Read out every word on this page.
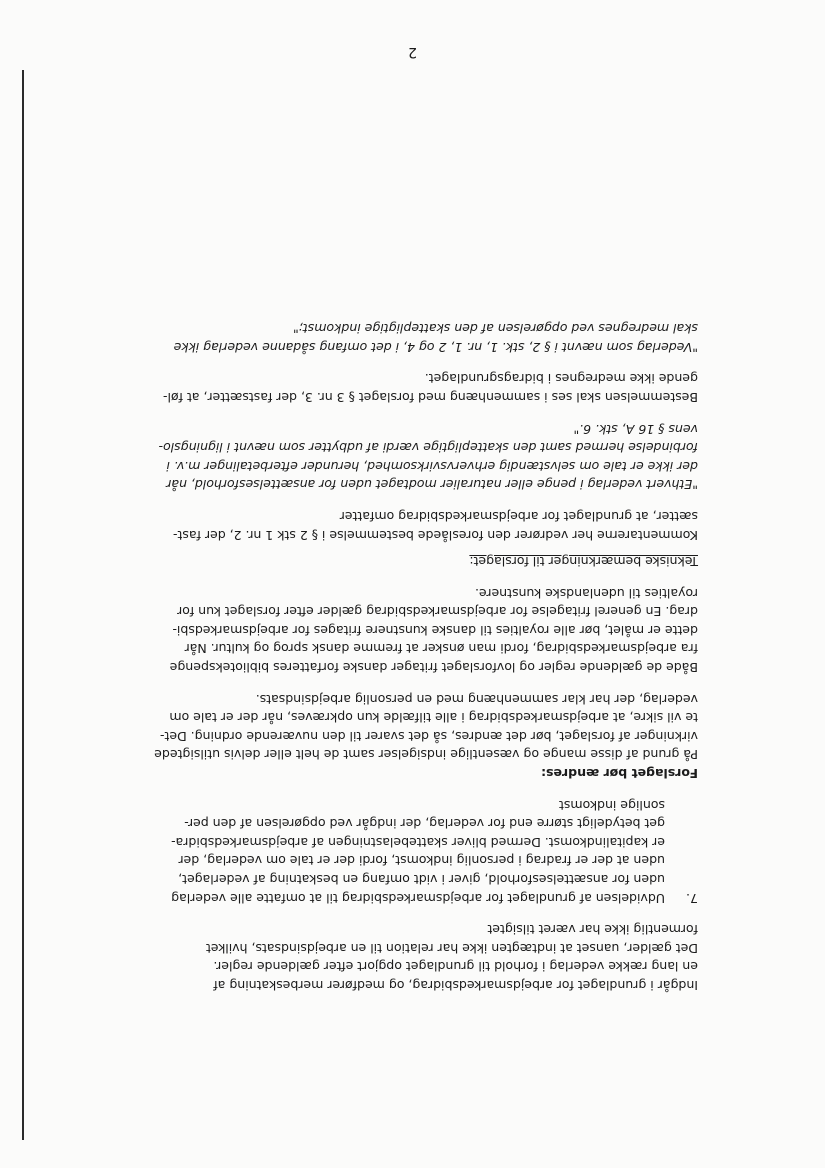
Indgår i grundlaget for arbejdsmarkedsbidrag, og medfører merbeskatning af
en lang række vederlag i forhold til grundlaget opgjort efter gældende regler.
Det gælder, uanset at indtægten ikke har relation til en arbejdsindsats, hvilket
formentlig ikke har været tilsigtet
7.Udvidelsen af grundlaget for arbejdsmarkedsbidrag til at omfatte alle vederlag
uden for ansættelsesforhold, giver i vidt omfang en beskatning af vederlaget,
uden at der er fradrag i personlig indkomst, fordi der er tale om vederlag, der
er kapitalindkomst. Dermed bliver skattebelastningen af arbejdsmarkedsbidra-
get betydeligt større end for vederlag, der indgår ved opgørelsen af den per-
sonlige indkomst
Forslaget bør ændres:
På grund af disse mange og væsentlige indsigelser samt de helt eller delvis utilsigtede
virkninger af forslaget, bør det ændres, så det svarer til den nuværende ordning. Det-
te vil sikre, at arbejdsmarkedsbidrag i alle tilfælde kun opkræves, når der er tale om
vederlag, der har klar sammenhæng med en personlig arbejdsindsats.
Både de gældende regler og lovforslaget fritager danske forfatteres bibliotekspenge
fra arbejdsmarkedsbidrag, fordi man ønsker at fremme dansk sprog og kultur. Når
dette er målet, bør alle royalties til danske kunstnere fritages for arbejdsmarkedsbi-
drag. En generel fritagelse for arbejdsmarkedsbidrag gælder efter forslaget kun for
royalties til udenlandske kunstnere.
Tekniske bemærkninger til forslaget:
Kommentarerne her vedrører den foreslåede bestemmelse i § 2 stk 1 nr. 2, der fast-
sætter, at grundlaget for arbejdsmarkedsbidrag omfatter
"Ethvert vederlag i penge eller naturalier modtaget uden for ansættelsesforhold, når
der ikke er tale om selvstændig erhvervsvirksomhed, herunder efterbetalinger m.v. i
forbindelse hermed samt den skattepligtige værdi af udbytter som nævnt i ligningslo-
vens § 16 A, stk. 6."
Bestemmelsen skal ses i sammenhæng med forslaget § 3 nr. 3, der fastsætter, at føl-
gende ikke medregnes i bidragsgrundlaget.
"Vederlag som nævnt i § 2, stk. 1, nr. 1, 2 og 4, i det omfang sådanne vederlag ikke
skal medregnes ved opgørelsen af den skattepligtige indkomst;"
2
